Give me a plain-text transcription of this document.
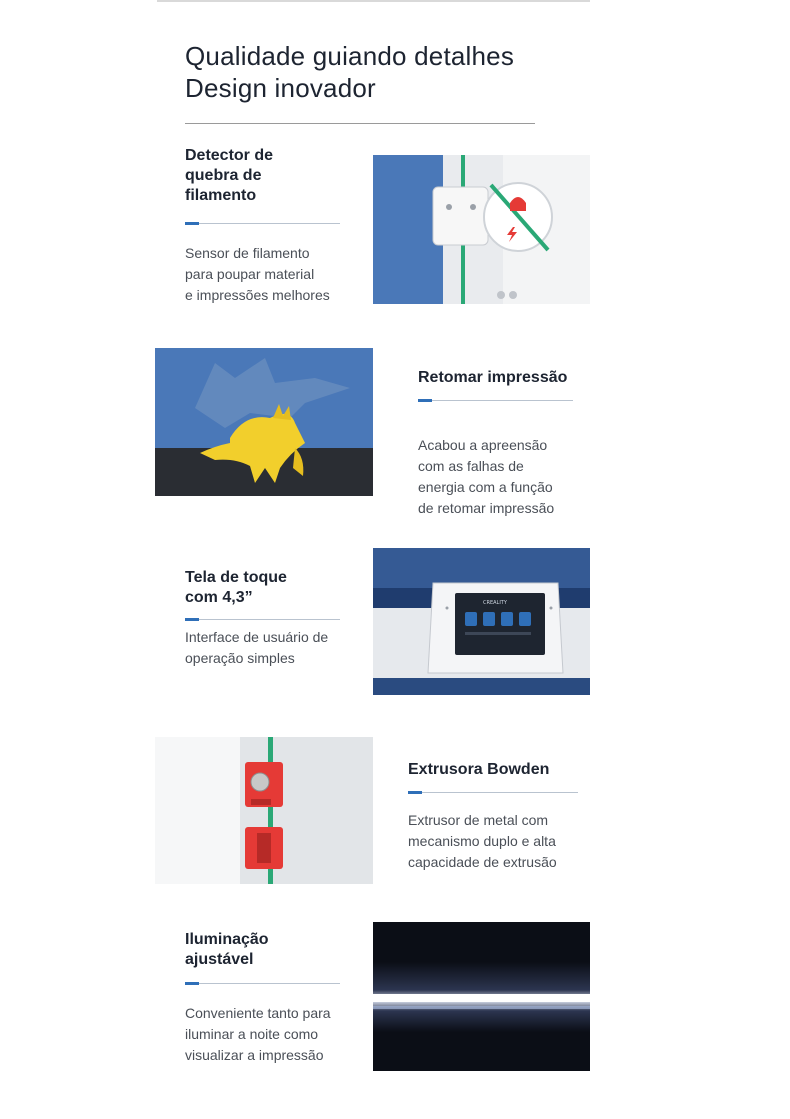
Qualidade guiando detalhes
Design inovador
Detector de
quebra de
filamento
Sensor de filamento
para poupar material
e impressões melhores
Retomar impressão
Acabou a apreensão
com as falhas de
energia com a função
de retomar impressão
Tela de toque
com 4,3”
Interface de usuário de
operação simples
CREALITY
Extrusora Bowden
Extrusor de metal com
mecanismo duplo e alta
capacidade de extrusão
Iluminação
ajustável
Conveniente tanto para
iluminar a noite como
visualizar a impressão
